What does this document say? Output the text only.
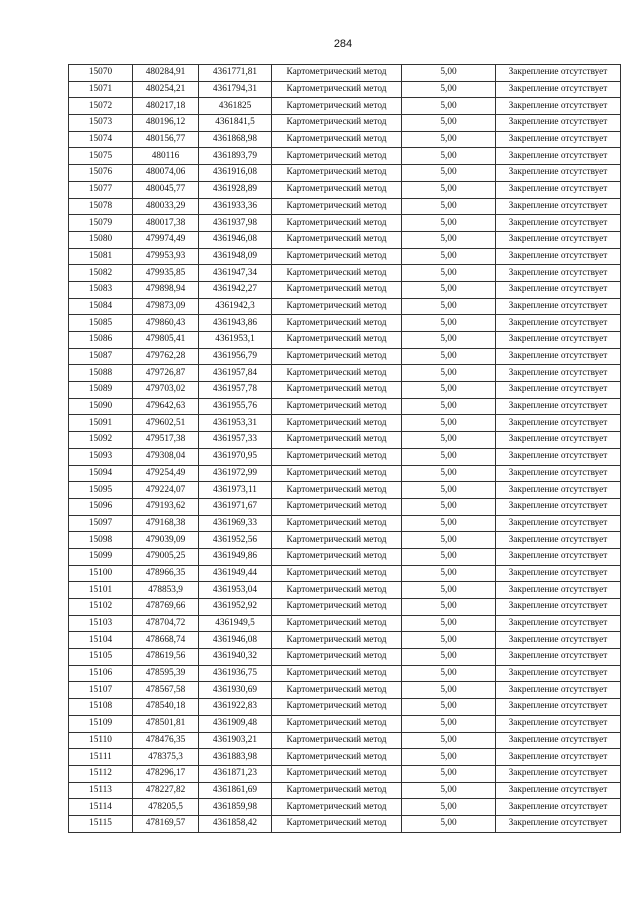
284
15070	480284,91	4361771,81	Картометрический метод	5,00	Закрепление отсутствует
15071	480254,21	4361794,31	Картометрический метод	5,00	Закрепление отсутствует
15072	480217,18	4361825	Картометрический метод	5,00	Закрепление отсутствует
15073	480196,12	4361841,5	Картометрический метод	5,00	Закрепление отсутствует
15074	480156,77	4361868,98	Картометрический метод	5,00	Закрепление отсутствует
15075	480116	4361893,79	Картометрический метод	5,00	Закрепление отсутствует
15076	480074,06	4361916,08	Картометрический метод	5,00	Закрепление отсутствует
15077	480045,77	4361928,89	Картометрический метод	5,00	Закрепление отсутствует
15078	480033,29	4361933,36	Картометрический метод	5,00	Закрепление отсутствует
15079	480017,38	4361937,98	Картометрический метод	5,00	Закрепление отсутствует
15080	479974,49	4361946,08	Картометрический метод	5,00	Закрепление отсутствует
15081	479953,93	4361948,09	Картометрический метод	5,00	Закрепление отсутствует
15082	479935,85	4361947,34	Картометрический метод	5,00	Закрепление отсутствует
15083	479898,94	4361942,27	Картометрический метод	5,00	Закрепление отсутствует
15084	479873,09	4361942,3	Картометрический метод	5,00	Закрепление отсутствует
15085	479860,43	4361943,86	Картометрический метод	5,00	Закрепление отсутствует
15086	479805,41	4361953,1	Картометрический метод	5,00	Закрепление отсутствует
15087	479762,28	4361956,79	Картометрический метод	5,00	Закрепление отсутствует
15088	479726,87	4361957,84	Картометрический метод	5,00	Закрепление отсутствует
15089	479703,02	4361957,78	Картометрический метод	5,00	Закрепление отсутствует
15090	479642,63	4361955,76	Картометрический метод	5,00	Закрепление отсутствует
15091	479602,51	4361953,31	Картометрический метод	5,00	Закрепление отсутствует
15092	479517,38	4361957,33	Картометрический метод	5,00	Закрепление отсутствует
15093	479308,04	4361970,95	Картометрический метод	5,00	Закрепление отсутствует
15094	479254,49	4361972,99	Картометрический метод	5,00	Закрепление отсутствует
15095	479224,07	4361973,11	Картометрический метод	5,00	Закрепление отсутствует
15096	479193,62	4361971,67	Картометрический метод	5,00	Закрепление отсутствует
15097	479168,38	4361969,33	Картометрический метод	5,00	Закрепление отсутствует
15098	479039,09	4361952,56	Картометрический метод	5,00	Закрепление отсутствует
15099	479005,25	4361949,86	Картометрический метод	5,00	Закрепление отсутствует
15100	478966,35	4361949,44	Картометрический метод	5,00	Закрепление отсутствует
15101	478853,9	4361953,04	Картометрический метод	5,00	Закрепление отсутствует
15102	478769,66	4361952,92	Картометрический метод	5,00	Закрепление отсутствует
15103	478704,72	4361949,5	Картометрический метод	5,00	Закрепление отсутствует
15104	478668,74	4361946,08	Картометрический метод	5,00	Закрепление отсутствует
15105	478619,56	4361940,32	Картометрический метод	5,00	Закрепление отсутствует
15106	478595,39	4361936,75	Картометрический метод	5,00	Закрепление отсутствует
15107	478567,58	4361930,69	Картометрический метод	5,00	Закрепление отсутствует
15108	478540,18	4361922,83	Картометрический метод	5,00	Закрепление отсутствует
15109	478501,81	4361909,48	Картометрический метод	5,00	Закрепление отсутствует
15110	478476,35	4361903,21	Картометрический метод	5,00	Закрепление отсутствует
15111	478375,3	4361883,98	Картометрический метод	5,00	Закрепление отсутствует
15112	478296,17	4361871,23	Картометрический метод	5,00	Закрепление отсутствует
15113	478227,82	4361861,69	Картометрический метод	5,00	Закрепление отсутствует
15114	478205,5	4361859,98	Картометрический метод	5,00	Закрепление отсутствует
15115	478169,57	4361858,42	Картометрический метод	5,00	Закрепление отсутствует
